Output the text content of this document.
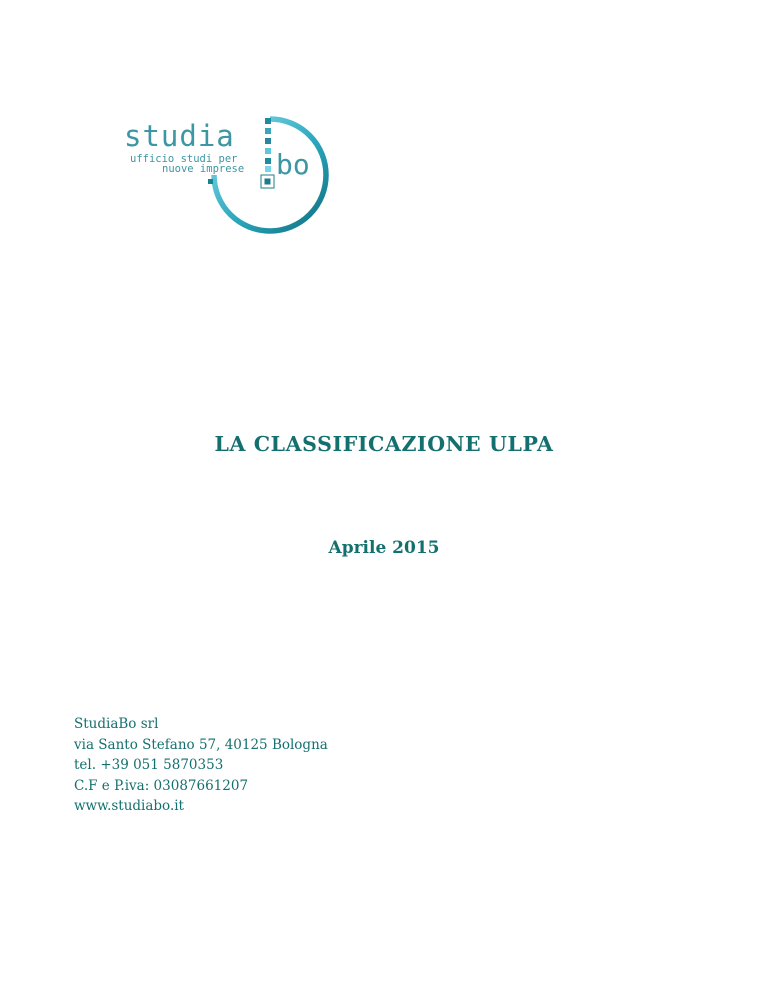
studia
ufficio studi per
nuove imprese bo
LA CLASSIFICAZIONE ULPA
Aprile 2015
StudiaBo srl
via Santo Stefano 57, 40125 Bologna
tel. +39 051 5870353
C.F e P.iva: 03087661207
www.studiabo.it
